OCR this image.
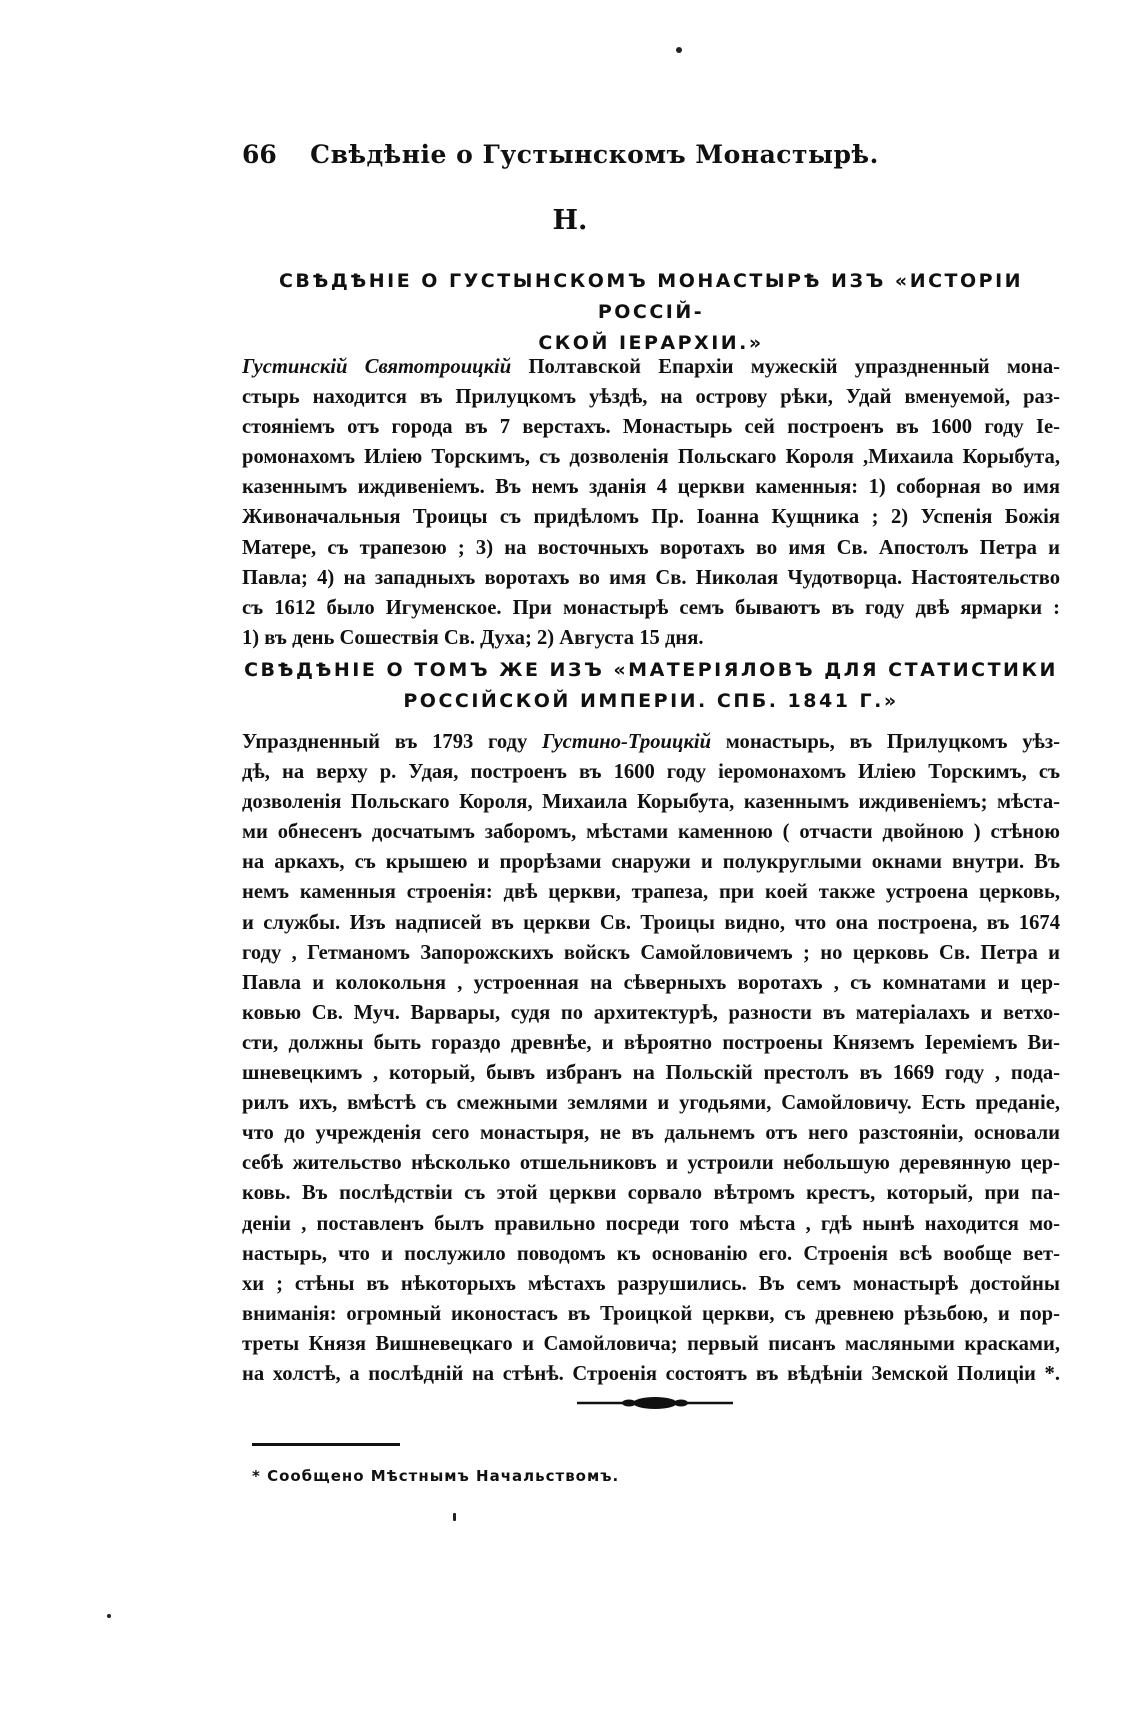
66	Свѣдѣніе о Густынскомъ Монастырѣ.
Н.
СВѢДѢНІЕ О ГУСТЫНСКОМЪ МОНАСТЫРѢ ИЗЪ «ИСТОРІИ РОССІЙ-
СКОЙ ІЕРАРХІИ.»
Густинскій Святотроицкій Полтавской Епархіи мужескій упраздненный мона-
стырь находится въ Прилуцкомъ уѣздѣ, на острову рѣки, Удай вменуемой, раз-
стояніемъ отъ города въ 7 верстахъ. Монастырь сей построенъ въ 1600 году Іе-
ромонахомъ Иліею Торскимъ, съ дозволенія Польскаго Короля ,Михаила Корыбута,
казеннымъ иждивеніемъ. Въ немъ зданія 4 церкви каменныя: 1) соборная во имя
Живоначальныя Троицы съ придѣломъ Пр. Іоанна Кущника ; 2) Успенія Божія
Матере, съ трапезою ; 3) на восточныхъ воротахъ во имя Св. Апостолъ Петра и
Павла; 4) на западныхъ воротахъ во имя Св. Николая Чудотворца. Настоятельство
съ 1612 было Игуменское. При монастырѣ семъ бываютъ въ году двѣ ярмарки :
1) въ день Сошествія Св. Духа; 2) Августа 15 дня.
СВѢДѢНІЕ О ТОМЪ ЖЕ ИЗЪ «МАТЕРІЯЛОВЪ ДЛЯ СТАТИСТИКИ
РОССІЙСКОЙ ИМПЕРІИ. СПБ. 1841 Г.»
Упраздненный въ 1793 году Густино-Троицкій монастырь, въ Прилуцкомъ уѣз-
дѣ, на верху р. Удая, построенъ въ 1600 году іеромонахомъ Иліею Торскимъ, съ
дозволенія Польскаго Короля, Михаила Корыбута, казеннымъ иждивеніемъ; мѣста-
ми обнесенъ досчатымъ заборомъ, мѣстами каменною ( отчасти двойною ) стѣною
на аркахъ, съ крышею и прорѣзами снаружи и полукруглыми окнами внутри. Въ
немъ каменныя строенія: двѣ церкви, трапеза, при коей также устроена церковь,
и службы. Изъ надписей въ церкви Св. Троицы видно, что она построена, въ 1674
году , Гетманомъ Запорожскихъ войскъ Самойловичемъ ; но церковь Св. Петра и
Павла и колокольня , устроенная на сѣверныхъ воротахъ , съ комнатами и цер-
ковью Св. Муч. Варвары, судя по архитектурѣ, разности въ матеріалахъ и ветхо-
сти, должны быть гораздо древнѣе, и вѣроятно построены Княземъ Іереміемъ Ви-
шневецкимъ , который, бывъ избранъ на Польскій престолъ въ 1669 году , пода-
рилъ ихъ, вмѣстѣ съ смежными землями и угодьями, Самойловичу. Есть преданіе,
что до учрежденія сего монастыря, не въ дальнемъ отъ него разстояніи, основали
себѣ жительство нѣсколько отшельниковъ и устроили небольшую деревянную цер-
ковь. Въ послѣдствіи съ этой церкви сорвало вѣтромъ крестъ, который, при па-
деніи , поставленъ былъ правильно посреди того мѣста , гдѣ нынѣ находится мо-
настырь, что и послужило поводомъ къ основанію его. Строенія всѣ вообще вет-
хи ; стѣны въ нѣкоторыхъ мѣстахъ разрушились. Въ семъ монастырѣ достойны
вниманія: огромный иконостасъ въ Троицкой церкви, съ древнею рѣзьбою, и пор-
треты Князя Вишневецкаго и Самойловича; первый писанъ масляными красками,
на холстѣ, а послѣдній на стѣнѣ. Строенія состоятъ въ вѣдѣніи Земской Полиціи *.
* Сообщено Мѣстнымъ Начальствомъ.
